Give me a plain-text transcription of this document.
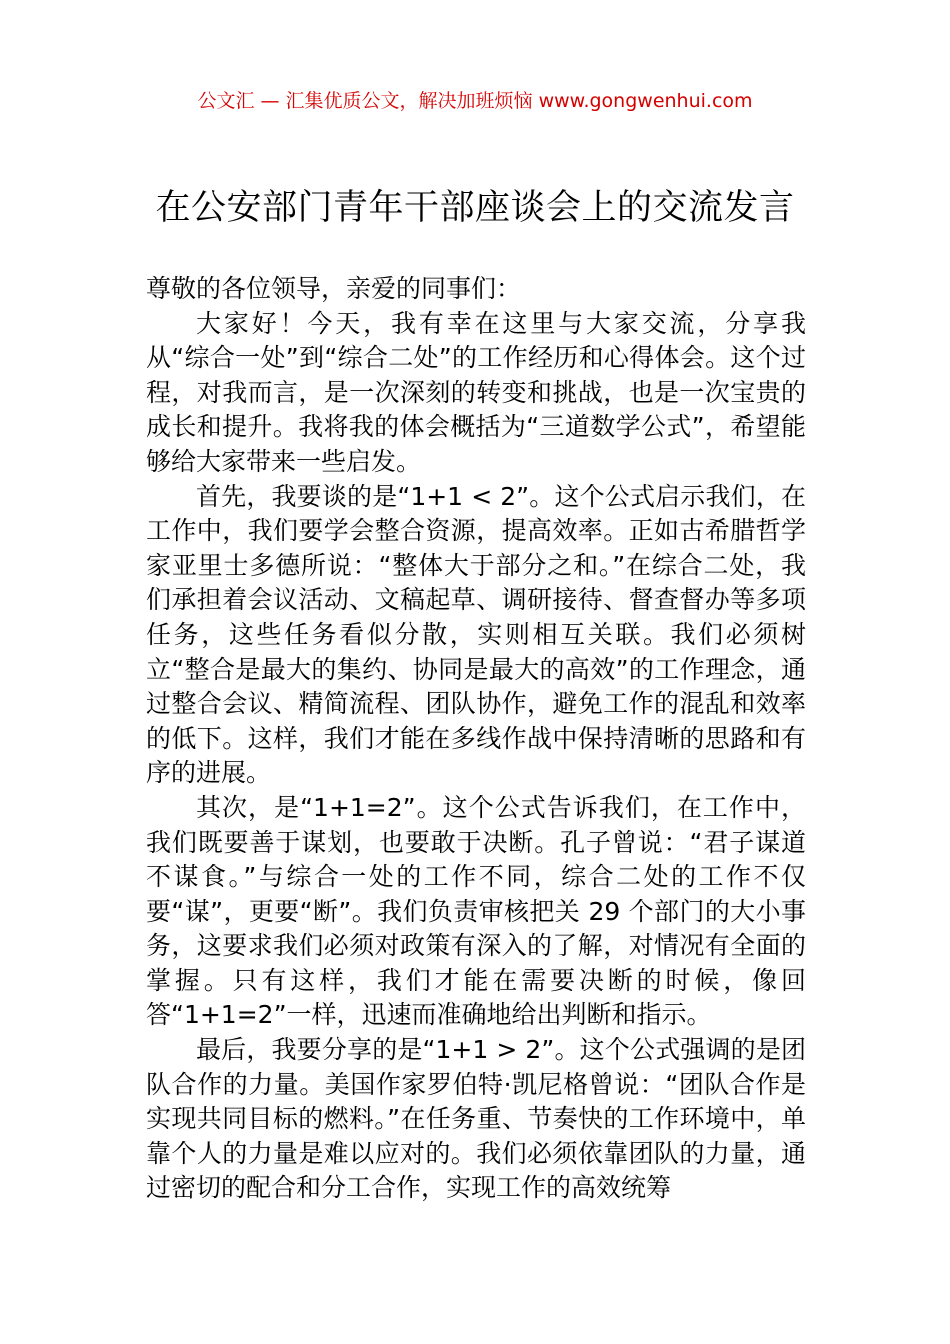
公文汇 — 汇集优质公文，解决加班烦恼 www.gongwenhui.com
在公安部门青年干部座谈会上的交流发言

尊敬的各位领导，亲爱的同事们：

大家好！今天，我有幸在这里与大家交流，分享我从“综合一处”到“综合二处”的工作经历和心得体会。这个过程，对我而言，是一次深刻的转变和挑战，也是一次宝贵的成长和提升。我将我的体会概括为“三道数学公式”，希望能够给大家带来一些启发。

首先，我要谈的是“1+1 < 2”。这个公式启示我们，在工作中，我们要学会整合资源，提高效率。正如古希腊哲学家亚里士多德所说：“整体大于部分之和。”在综合二处，我们承担着会议活动、文稿起草、调研接待、督查督办等多项任务，这些任务看似分散，实则相互关联。我们必须树立“整合是最大的集约、协同是最大的高效”的工作理念，通过整合会议、精简流程、团队协作，避免工作的混乱和效率的低下。这样，我们才能在多线作战中保持清晰的思路和有序的进展。

其次，是“1+1=2”。这个公式告诉我们，在工作中，我们既要善于谋划，也要敢于决断。孔子曾说：“君子谋道不谋食。”与综合一处的工作不同，综合二处的工作不仅要“谋”，更要“断”。我们负责审核把关 29 个部门的大小事务，这要求我们必须对政策有深入的了解，对情况有全面的掌握。只有这样，我们才能在需要决断的时候，像回答“1+1=2”一样，迅速而准确地给出判断和指示。

最后，我要分享的是“1+1 > 2”。这个公式强调的是团队合作的力量。美国作家罗伯特·凯尼格曾说：“团队合作是实现共同目标的燃料。”在任务重、节奏快的工作环境中，单靠个人的力量是难以应对的。我们必须依靠团队的力量，通过密切的配合和分工合作，实现工作的高效统筹
